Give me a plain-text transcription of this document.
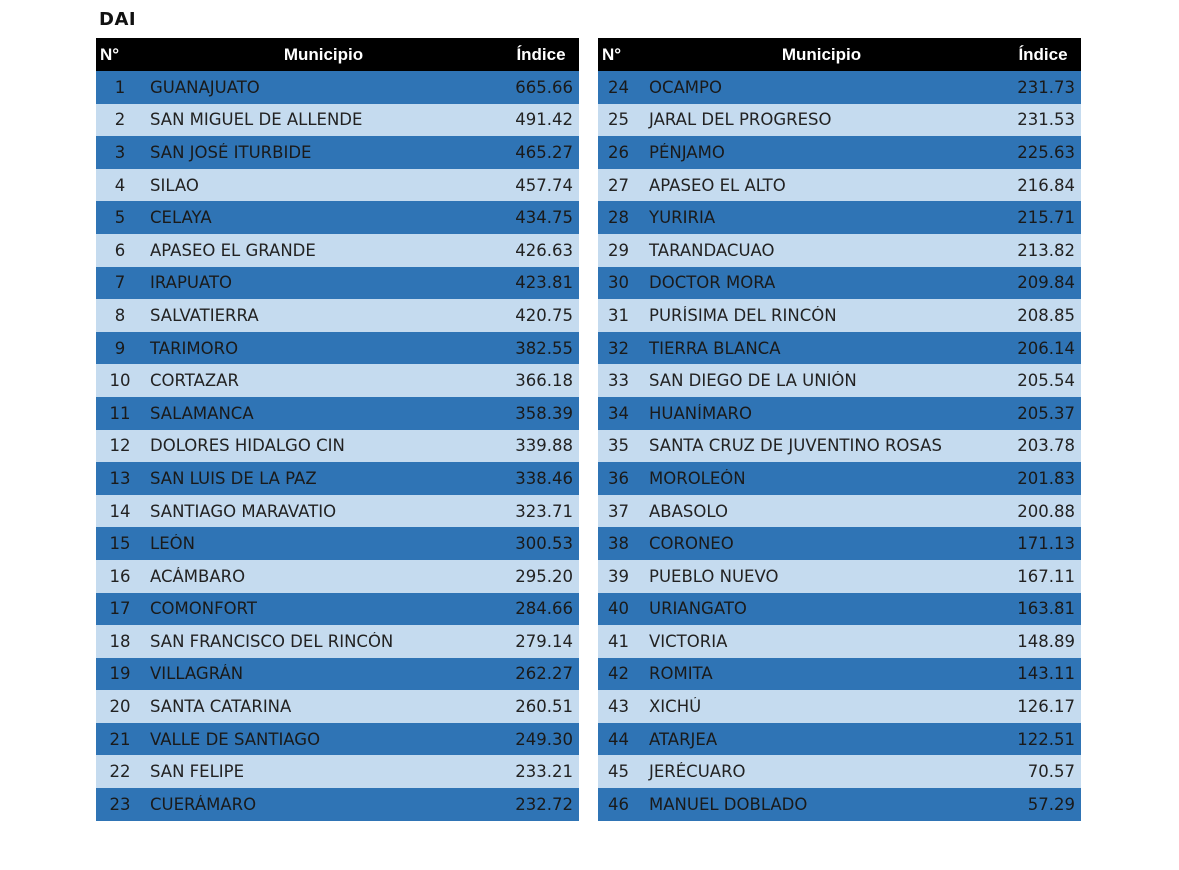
DAI
N°	Municipio	Índice
1	GUANAJUATO	665.66
2	SAN MIGUEL DE ALLENDE	491.42
3	SAN JOSÉ ITURBIDE	465.27
4	SILAO	457.74
5	CELAYA	434.75
6	APASEO EL GRANDE	426.63
7	IRAPUATO	423.81
8	SALVATIERRA	420.75
9	TARIMORO	382.55
10	CORTAZAR	366.18
11	SALAMANCA	358.39
12	DOLORES HIDALGO CIN	339.88
13	SAN LUIS DE LA PAZ	338.46
14	SANTIAGO MARAVATIO	323.71
15	LEÓN	300.53
16	ACÁMBARO	295.20
17	COMONFORT	284.66
18	SAN FRANCISCO DEL RINCÓN	279.14
19	VILLAGRÁN	262.27
20	SANTA CATARINA	260.51
21	VALLE DE SANTIAGO	249.30
22	SAN FELIPE	233.21
23	CUERÁMARO	232.72
N°	Municipio	Índice
24	OCAMPO	231.73
25	JARAL DEL PROGRESO	231.53
26	PÉNJAMO	225.63
27	APASEO EL ALTO	216.84
28	YURIRIA	215.71
29	TARANDACUAO	213.82
30	DOCTOR MORA	209.84
31	PURÍSIMA DEL RINCÓN	208.85
32	TIERRA BLANCA	206.14
33	SAN DIEGO DE LA UNIÓN	205.54
34	HUANÍMARO	205.37
35	SANTA CRUZ DE JUVENTINO ROSAS	203.78
36	MOROLEÓN	201.83
37	ABASOLO	200.88
38	CORONEO	171.13
39	PUEBLO NUEVO	167.11
40	URIANGATO	163.81
41	VICTORIA	148.89
42	ROMITA	143.11
43	XICHÚ	126.17
44	ATARJEA	122.51
45	JERÉCUARO	70.57
46	MANUEL DOBLADO	57.29
